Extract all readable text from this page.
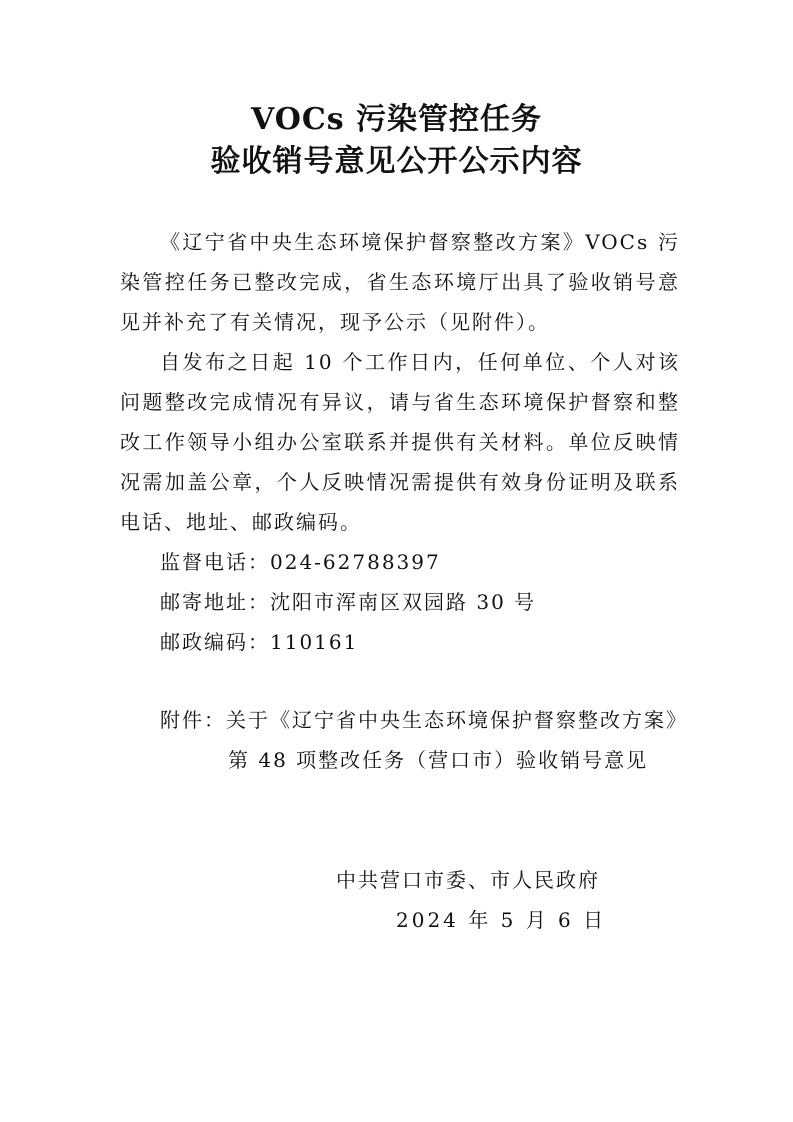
VOCs 污染管控任务
验收销号意见公开公示内容

《辽宁省中央生态环境保护督察整改方案》VOCs 污染管控任务已整改完成，省生态环境厅出具了验收销号意见并补充了有关情况，现予公示（见附件）。

自发布之日起 10 个工作日内，任何单位、个人对该问题整改完成情况有异议，请与省生态环境保护督察和整改工作领导小组办公室联系并提供有关材料。单位反映情况需加盖公章，个人反映情况需提供有效身份证明及联系电话、地址、邮政编码。

监督电话：024-62788397
邮寄地址：沈阳市浑南区双园路 30 号
邮政编码：110161
附件：关于《辽宁省中央生态环境保护督察整改方案》
第 48 项整改任务（营口市）验收销号意见
中共营口市委、市人民政府
2024 年 5 月 6 日
